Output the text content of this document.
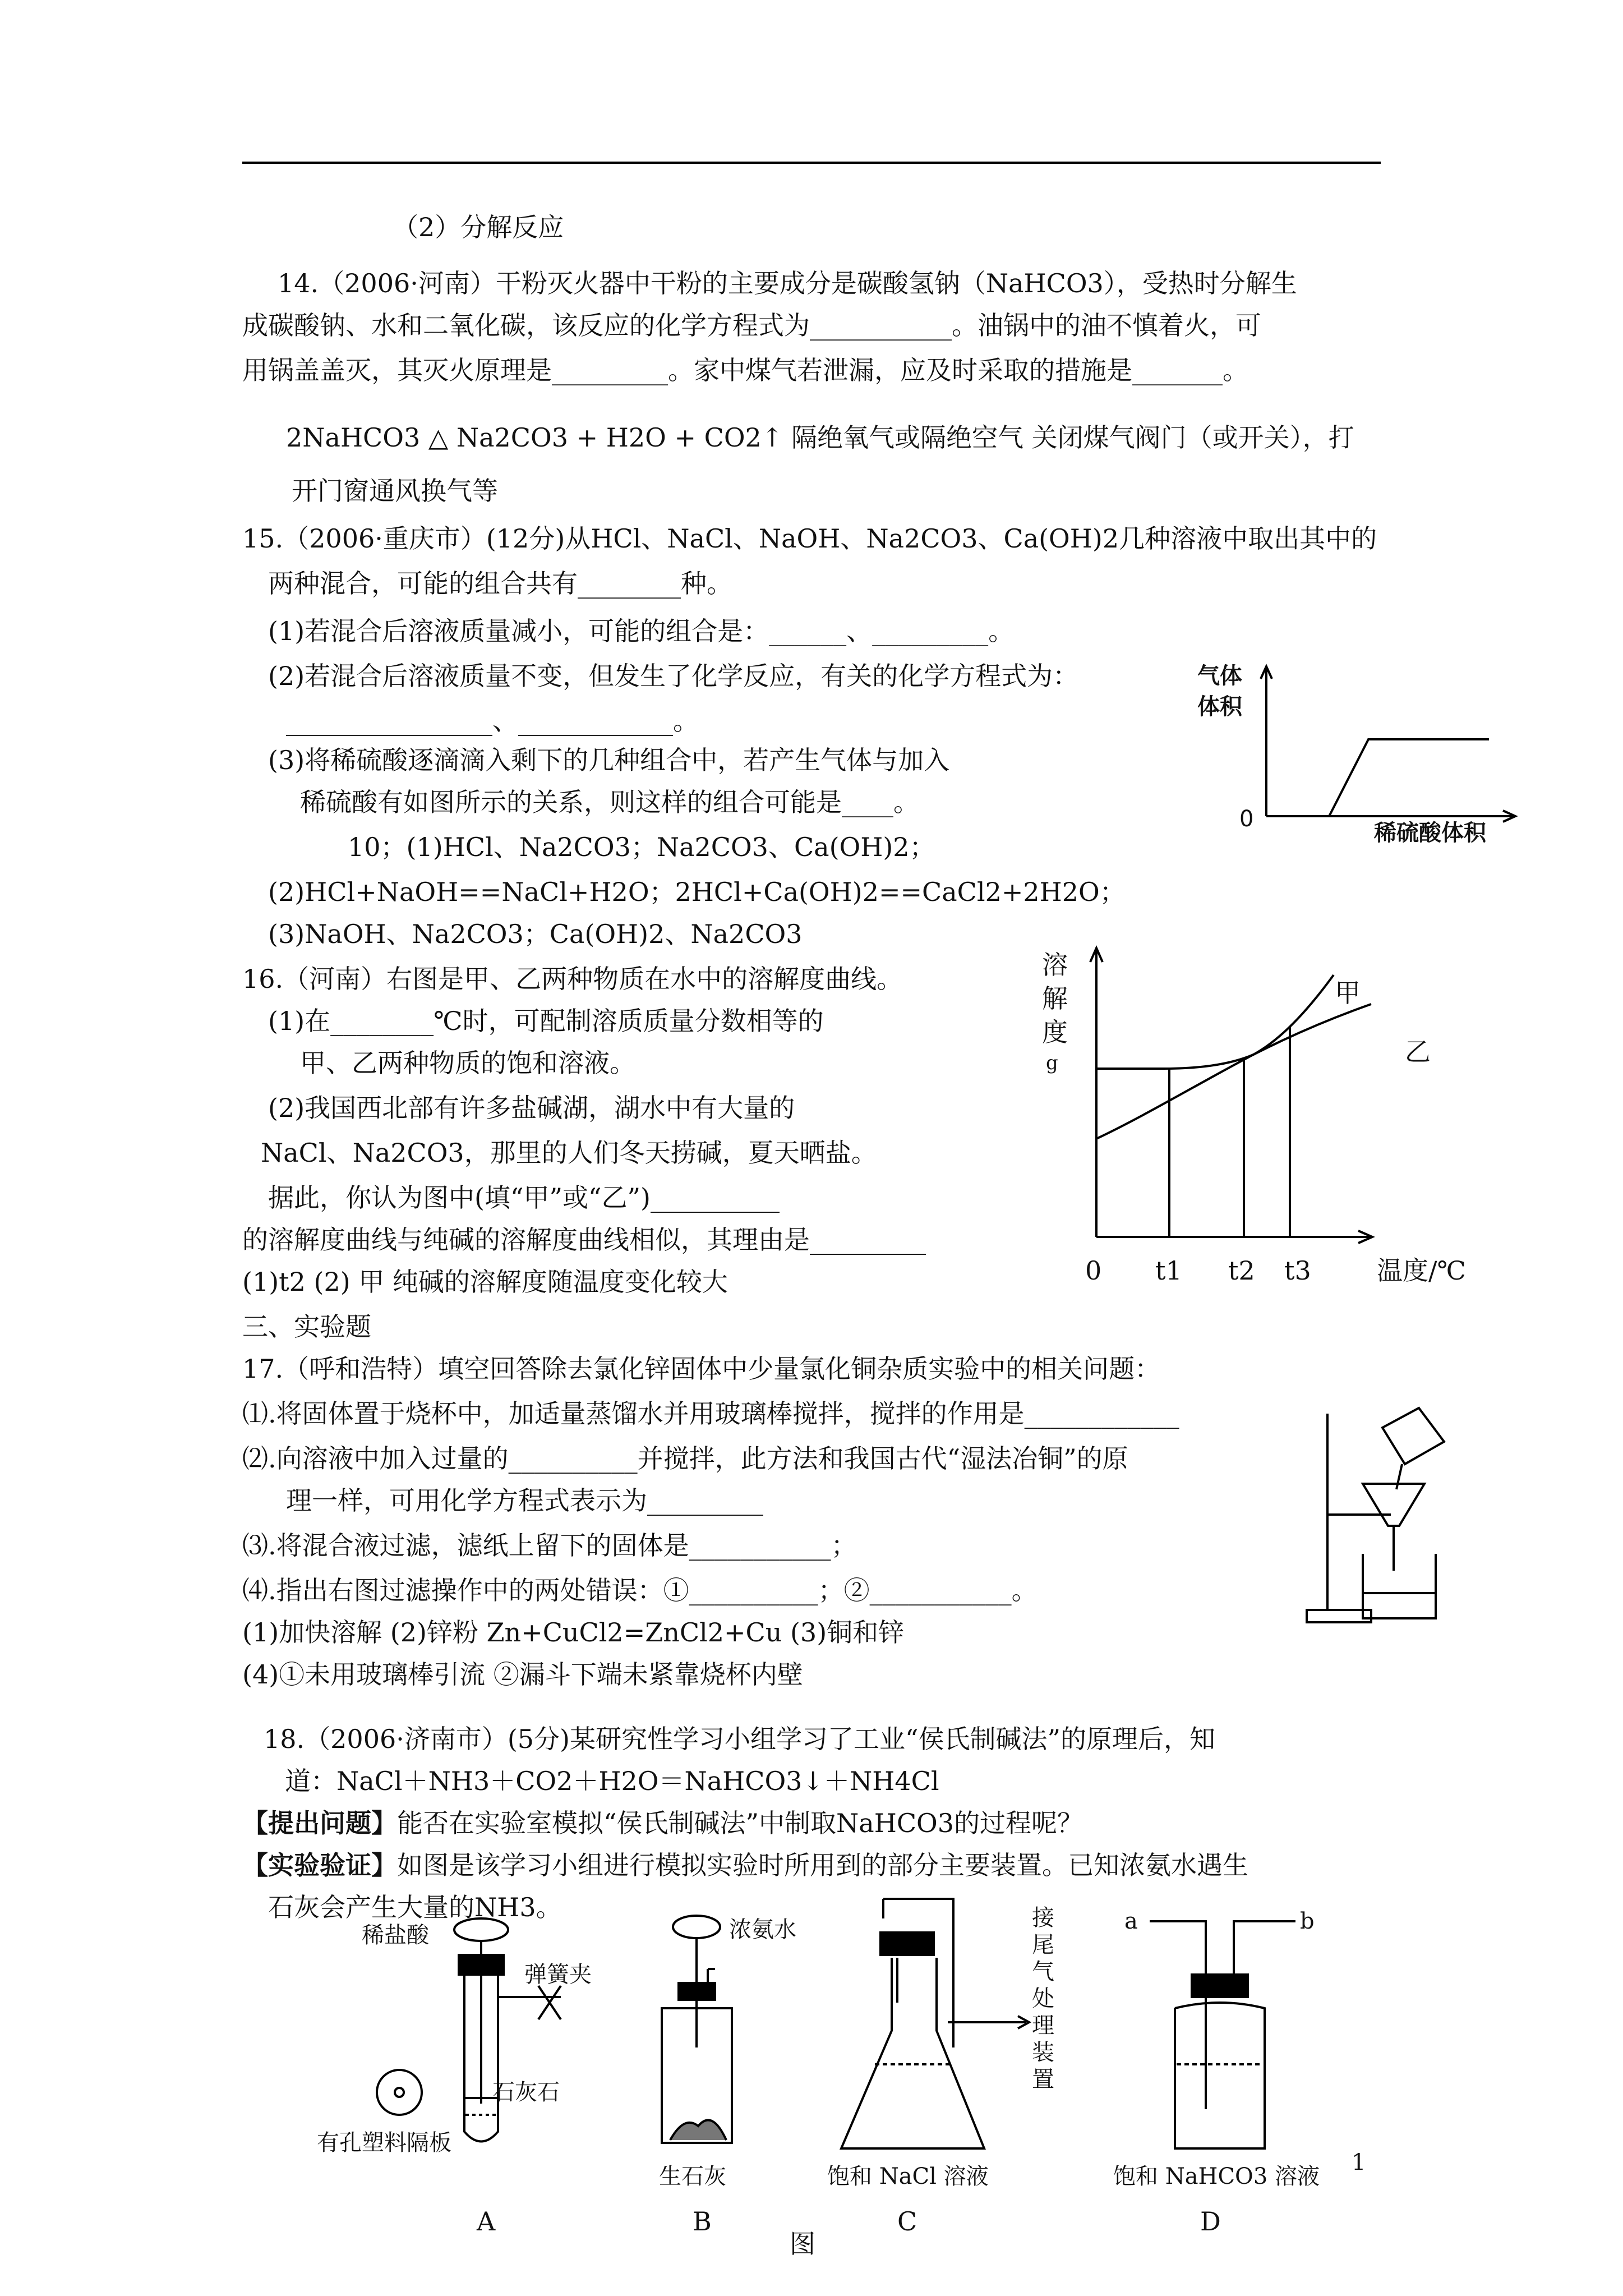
（2）分解反应
14.（2006·河南）干粉灭火器中干粉的主要成分是碳酸氢钠（NaHCO3），受热时分解生
成碳酸钠、水和二氧化碳，该反应的化学方程式为___________。油锅中的油不慎着火，可
用锅盖盖灭，其灭火原理是_________。家中煤气若泄漏，应及时采取的措施是_______。
2NaHCO3 △ Na2CO3 + H2O + CO2↑ 隔绝氧气或隔绝空气 关闭煤气阀门（或开关），打
开门窗通风换气等
15.（2006·重庆市）(12分)从HCl、NaCl、NaOH、Na2CO3、Ca(OH)2几种溶液中取出其中的
两种混合，可能的组合共有________种。
(1)若混合后溶液质量减小，可能的组合是：______、_________。
(2)若混合后溶液质量不变，但发生了化学反应，有关的化学方程式为：
________________、____________。
(3)将稀硫酸逐滴滴入剩下的几种组合中，若产生气体与加入
稀硫酸有如图所示的关系，则这样的组合可能是____。
10；(1)HCl、Na2CO3；Na2CO3、Ca(OH)2；
(2)HCl+NaOH==NaCl+H2O；2HCl+Ca(OH)2==CaCl2+2H2O；
(3)NaOH、Na2CO3；Ca(OH)2、Na2CO3
气体
体积
0
稀硫酸体积
16.（河南）右图是甲、乙两种物质在水中的溶解度曲线。
(1)在________℃时，可配制溶质质量分数相等的
甲、乙两种物质的饱和溶液。
(2)我国西北部有许多盐碱湖，湖水中有大量的
NaCl、Na2CO3，那里的人们冬天捞碱，夏天晒盐。
据此，你认为图中(填“甲”或“乙”)__________
的溶解度曲线与纯碱的溶解度曲线相似，其理由是_________
(1)t2 (2) 甲 纯碱的溶解度随温度变化较大
溶
解
度
g
甲
乙
0 t1 t2 t3	温度/℃
三、实验题
17.（呼和浩特）填空回答除去氯化锌固体中少量氯化铜杂质实验中的相关问题：
⑴.将固体置于烧杯中，加适量蒸馏水并用玻璃棒搅拌，搅拌的作用是____________
⑵.向溶液中加入过量的__________并搅拌，此方法和我国古代“湿法冶铜”的原
理一样，可用化学方程式表示为_________
⑶.将混合液过滤，滤纸上留下的固体是___________；
⑷.指出右图过滤操作中的两处错误：①__________；②___________。
(1)加快溶解 (2)锌粉 Zn+CuCl2=ZnCl2+Cu (3)铜和锌
(4)①未用玻璃棒引流 ②漏斗下端未紧靠烧杯内壁
18.（2006·济南市）(5分)某研究性学习小组学习了工业“侯氏制碱法”的原理后，知
道：NaCl＋NH3＋CO2＋H2O＝NaHCO3↓＋NH4Cl
【提出问题】能否在实验室模拟“侯氏制碱法”中制取NaHCO3的过程呢？
【实验验证】如图是该学习小组进行模拟实验时所用到的部分主要装置。已知浓氨水遇生
石灰会产生大量的NH3。
稀盐酸
弹簧夹
有孔塑料隔板
石灰石
浓氨水
生石灰
接
尾
气
处
理
装
置
饱和 NaCl 溶液
a	b
饱和 NaHCO3 溶液
A	B	C	D
图
1
